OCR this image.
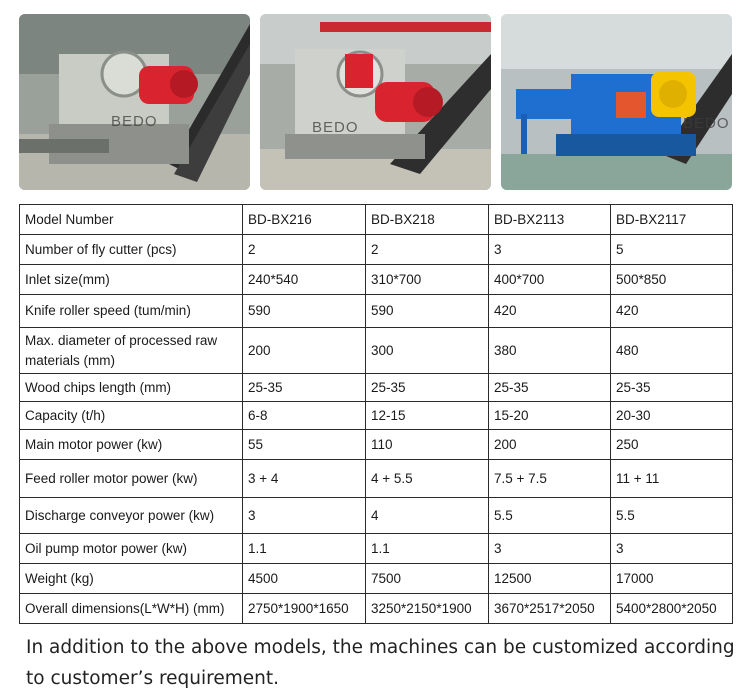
BEDO	BEDO	BEDO
Model Number	BD-BX216	BD-BX218	BD-BX2113	BD-BX2117
Number of fly cutter (pcs)	2	2	3	5
Inlet size(mm)	240*540	310*700	400*700	500*850
Knife roller speed (tum/min)	590	590	420	420
Max. diameter of processed raw materials (mm)	200	300	380	480
Wood chips length (mm)	25-35	25-35	25-35	25-35
Capacity (t/h)	6-8	12-15	15-20	20-30
Main motor power (kw)	55	110	200	250
Feed roller motor power (kw)	3 + 4	4 + 5.5	7.5 + 7.5	11 + 11
Discharge conveyor power (kw)	3	4	5.5	5.5
Oil pump motor power (kw)	1.1	1.1	3	3
Weight (kg)	4500	7500	12500	17000
Overall dimensions(L*W*H) (mm)	2750*1900*1650	3250*2150*1900	3670*2517*2050	5400*2800*2050
In addition to the above models, the machines can be customized according to customer’s requirement.
